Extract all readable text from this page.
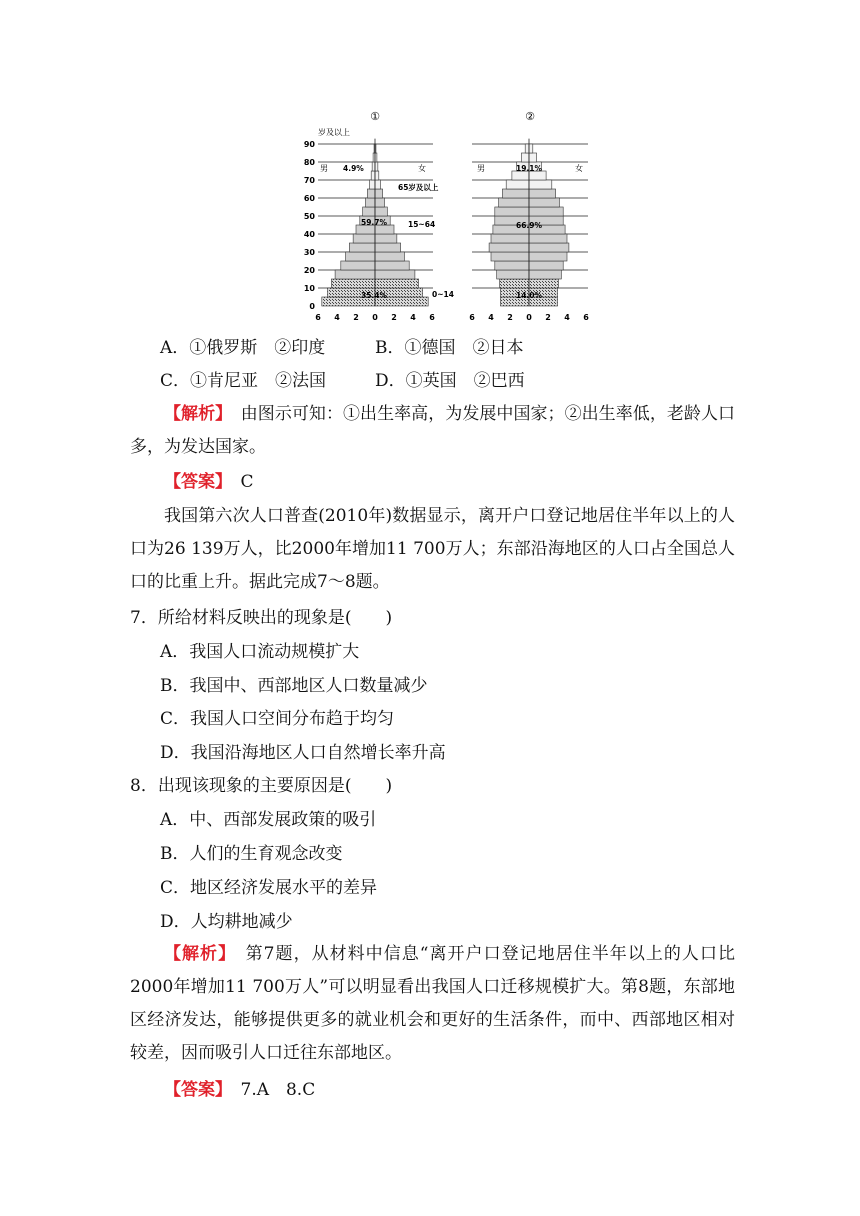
①	②
岁及以上
男	女	男	女
4.9%
65岁及以上
59.7%	15~64
35.4%	0~14
19.1%
66.9%
14.0%
6 4 2 0 2 4 6	6 4 2 0 2 4 6
90
80
70
60
50
40
30
20
10
0
A．①俄罗斯　②印度	B．①德国　②日本
C．①肯尼亚　②法国	D．①英国　②巴西
【解析】　由图示可知：①出生率高，为发展中国家；②出生率低，老龄人口多，为发达国家。
【答案】　C
我国第六次人口普查(2010年)数据显示，离开户口登记地居住半年以上的人口为26 139万人，比2000年增加11 700万人；东部沿海地区的人口占全国总人口的比重上升。据此完成7～8题。
7．所给材料反映出的现象是(　　)
A．我国人口流动规模扩大
B．我国中、西部地区人口数量减少
C．我国人口空间分布趋于均匀
D．我国沿海地区人口自然增长率升高
8．出现该现象的主要原因是(　　)
A．中、西部发展政策的吸引
B．人们的生育观念改变
C．地区经济发展水平的差异
D．人均耕地减少
【解析】　第7题，从材料中信息“离开户口登记地居住半年以上的人口比2000年增加11 700万人”可以明显看出我国人口迁移规模扩大。第8题，东部地区经济发达，能够提供更多的就业机会和更好的生活条件，而中、西部地区相对较差，因而吸引人口迁往东部地区。
【答案】　7.A　8.C
